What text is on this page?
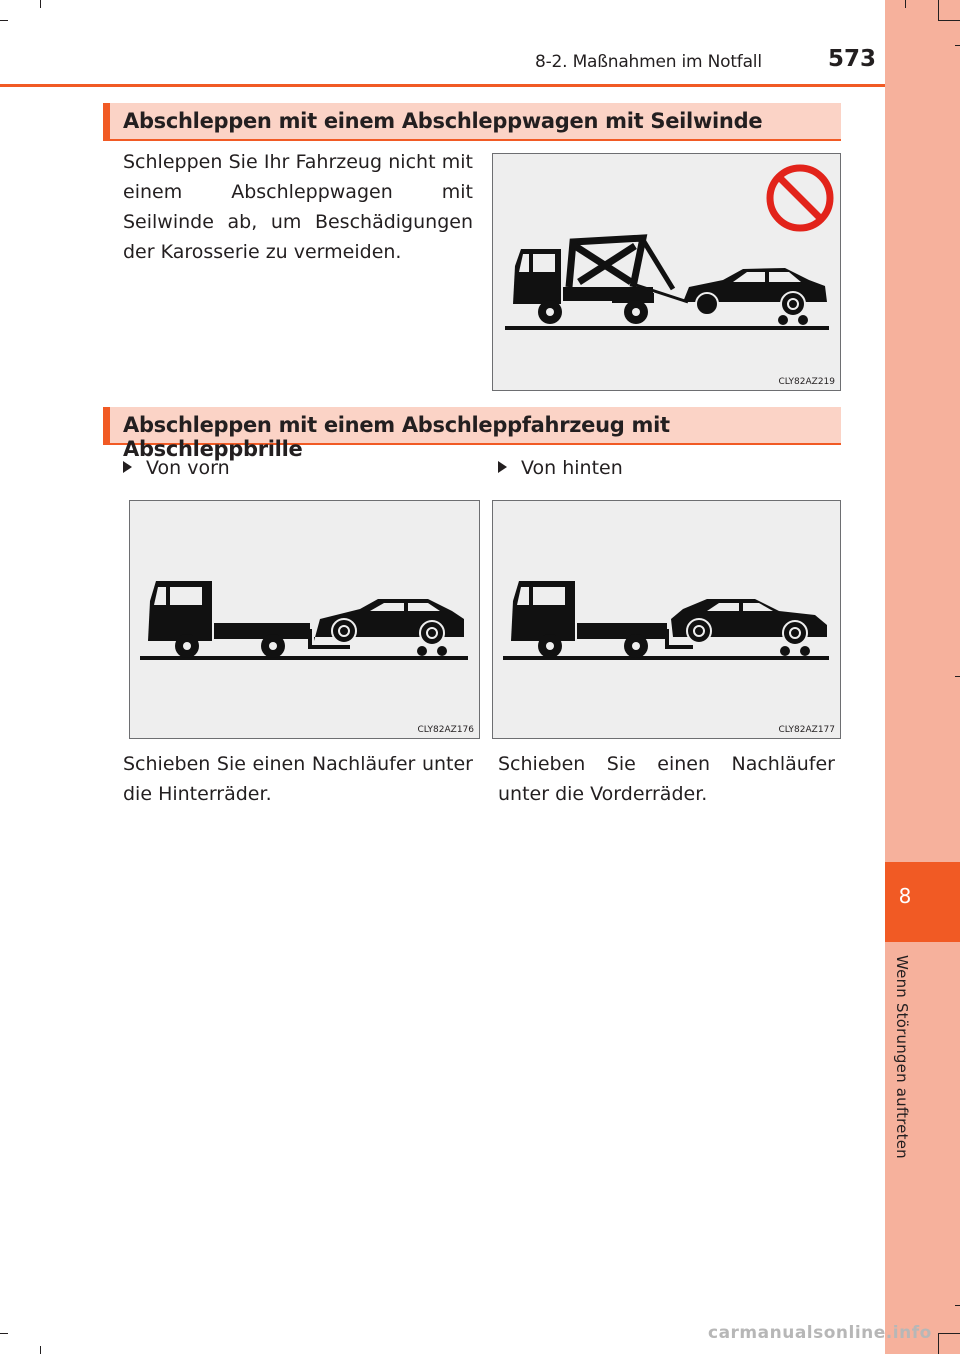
8
Wenn Störungen auftreten
8-2. Maßnahmen im Notfall	573
Abschleppen mit einem Abschleppwagen mit Seilwinde
Schleppen Sie Ihr Fahrzeug nicht mit einem Abschleppwagen mit Seilwinde ab, um Beschädigungen der Karosserie zu vermeiden.
CLY82AZ219
Abschleppen mit einem Abschleppfahrzeug mit Abschleppbrille
Von vorn	Von hinten
CLY82AZ176	CLY82AZ177
Schieben Sie einen Nachläufer unter die Hinterräder.
Schieben Sie einen Nachläufer unter die Vorderräder.
carmanualsonline.info
